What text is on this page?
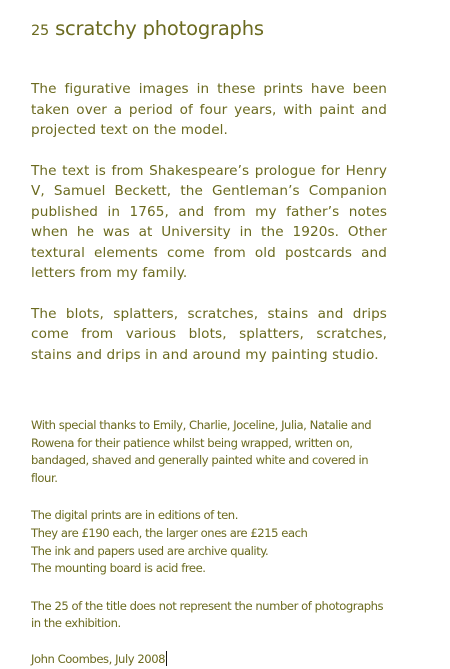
25 scratchy photographs

The figurative images in these prints have been taken over a period of four years, with paint and projected text on the model.

The text is from Shakespeare’s prologue for Henry V, Samuel Beckett, the Gentleman’s Companion published in 1765, and from my father’s notes when he was at University in the 1920s. Other textural elements come from old postcards and letters from my family.

The blots, splatters, scratches, stains and drips come from various blots, splatters, scratches, stains and drips in and around my painting studio.

With special thanks to Emily, Charlie, Joceline, Julia, Natalie and Rowena for their patience whilst being wrapped, written on, bandaged, shaved and generally painted white and covered in flour.

The digital prints are in editions of ten.
They are £190 each, the larger ones are £215 each
The ink and papers used are archive quality.
The mounting board is acid free.

The 25 of the title does not represent the number of photographs in the exhibition.

John Coombes, July 2008
